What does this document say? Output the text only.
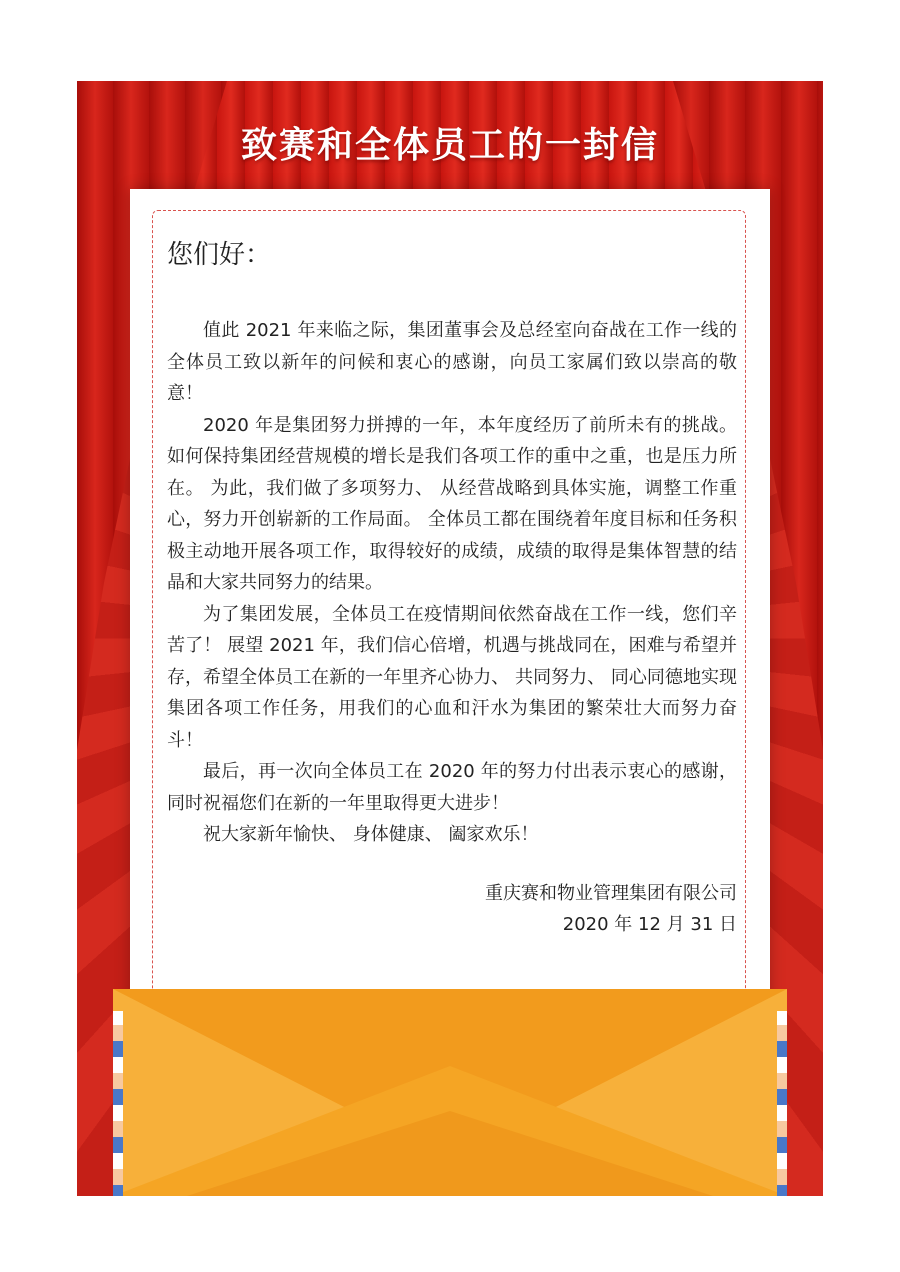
致赛和全体员工的一封信

您们好：

值此 2021 年来临之际，集团董事会及总经室向奋战在工作一线的全体员工致以新年的问候和衷心的感谢，向员工家属们致以崇高的敬意！

2020 年是集团努力拼搏的一年，本年度经历了前所未有的挑战。 如何保持集团经营规模的增长是我们各项工作的重中之重，也是压力所在。 为此，我们做了多项努力、 从经营战略到具体实施，调整工作重心，努力开创崭新的工作局面。 全体员工都在围绕着年度目标和任务积极主动地开展各项工作，取得较好的成绩，成绩的取得是集体智慧的结晶和大家共同努力的结果。

为了集团发展，全体员工在疫情期间依然奋战在工作一线，您们辛苦了！ 展望 2021 年，我们信心倍增，机遇与挑战同在，困难与希望并存，希望全体员工在新的一年里齐心协力、 共同努力、 同心同德地实现集团各项工作任务，用我们的心血和汗水为集团的繁荣壮大而努力奋斗！

最后，再一次向全体员工在 2020 年的努力付出表示衷心的感谢，同时祝福您们在新的一年里取得更大进步！

祝大家新年愉快、 身体健康、 阖家欢乐！

重庆赛和物业管理集团有限公司

2020 年 12 月 31 日
